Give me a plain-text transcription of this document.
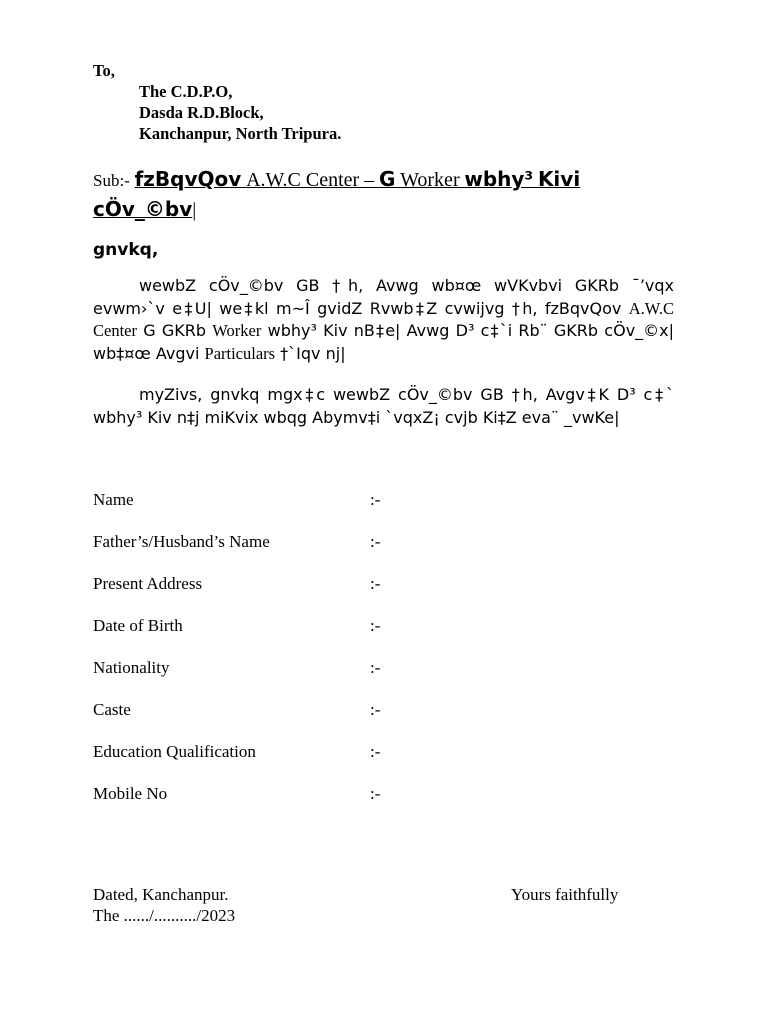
To,
The C.D.P.O,
Dasda R.D.Block,
Kanchanpur, North Tripura.
Sub:- fzBqvQov A.W.C Center – G Worker wbhy³ Kivi cÖv_©bv|
gnvkq,
wewbZ cÖv_©bv GB †h, Avwg wb¤œ wVKvbvi GKRb ¯’vqx evwm›`v e‡U| we‡kl m~Î gvidZ Rvwb‡Z cvwijvg †h, fzBqvQov A.W.C Center G GKRb Worker wbhy³ Kiv nB‡e| Avwg D³ c‡`i Rb¨ GKRb cÖv_©x| wb‡¤œ Avgvi Particulars †`Iqv nj|
myZivs, gnvkq mgx‡c wewbZ cÖv_©bv GB †h, Avgv‡K D³ c‡` wbhy³ Kiv n‡j miKvix wbqg Abymv‡i `vqxZ¡ cvjb Ki‡Z eva¨ _vwKe|
Name	:-
Father’s/Husband’s Name	:-
Present Address	:-
Date of Birth	:-
Nationality	:-
Caste	:-
Education Qualification	:-
Mobile No	:-
Dated, Kanchanpur.
The ....../........../2023
Yours faithfully
